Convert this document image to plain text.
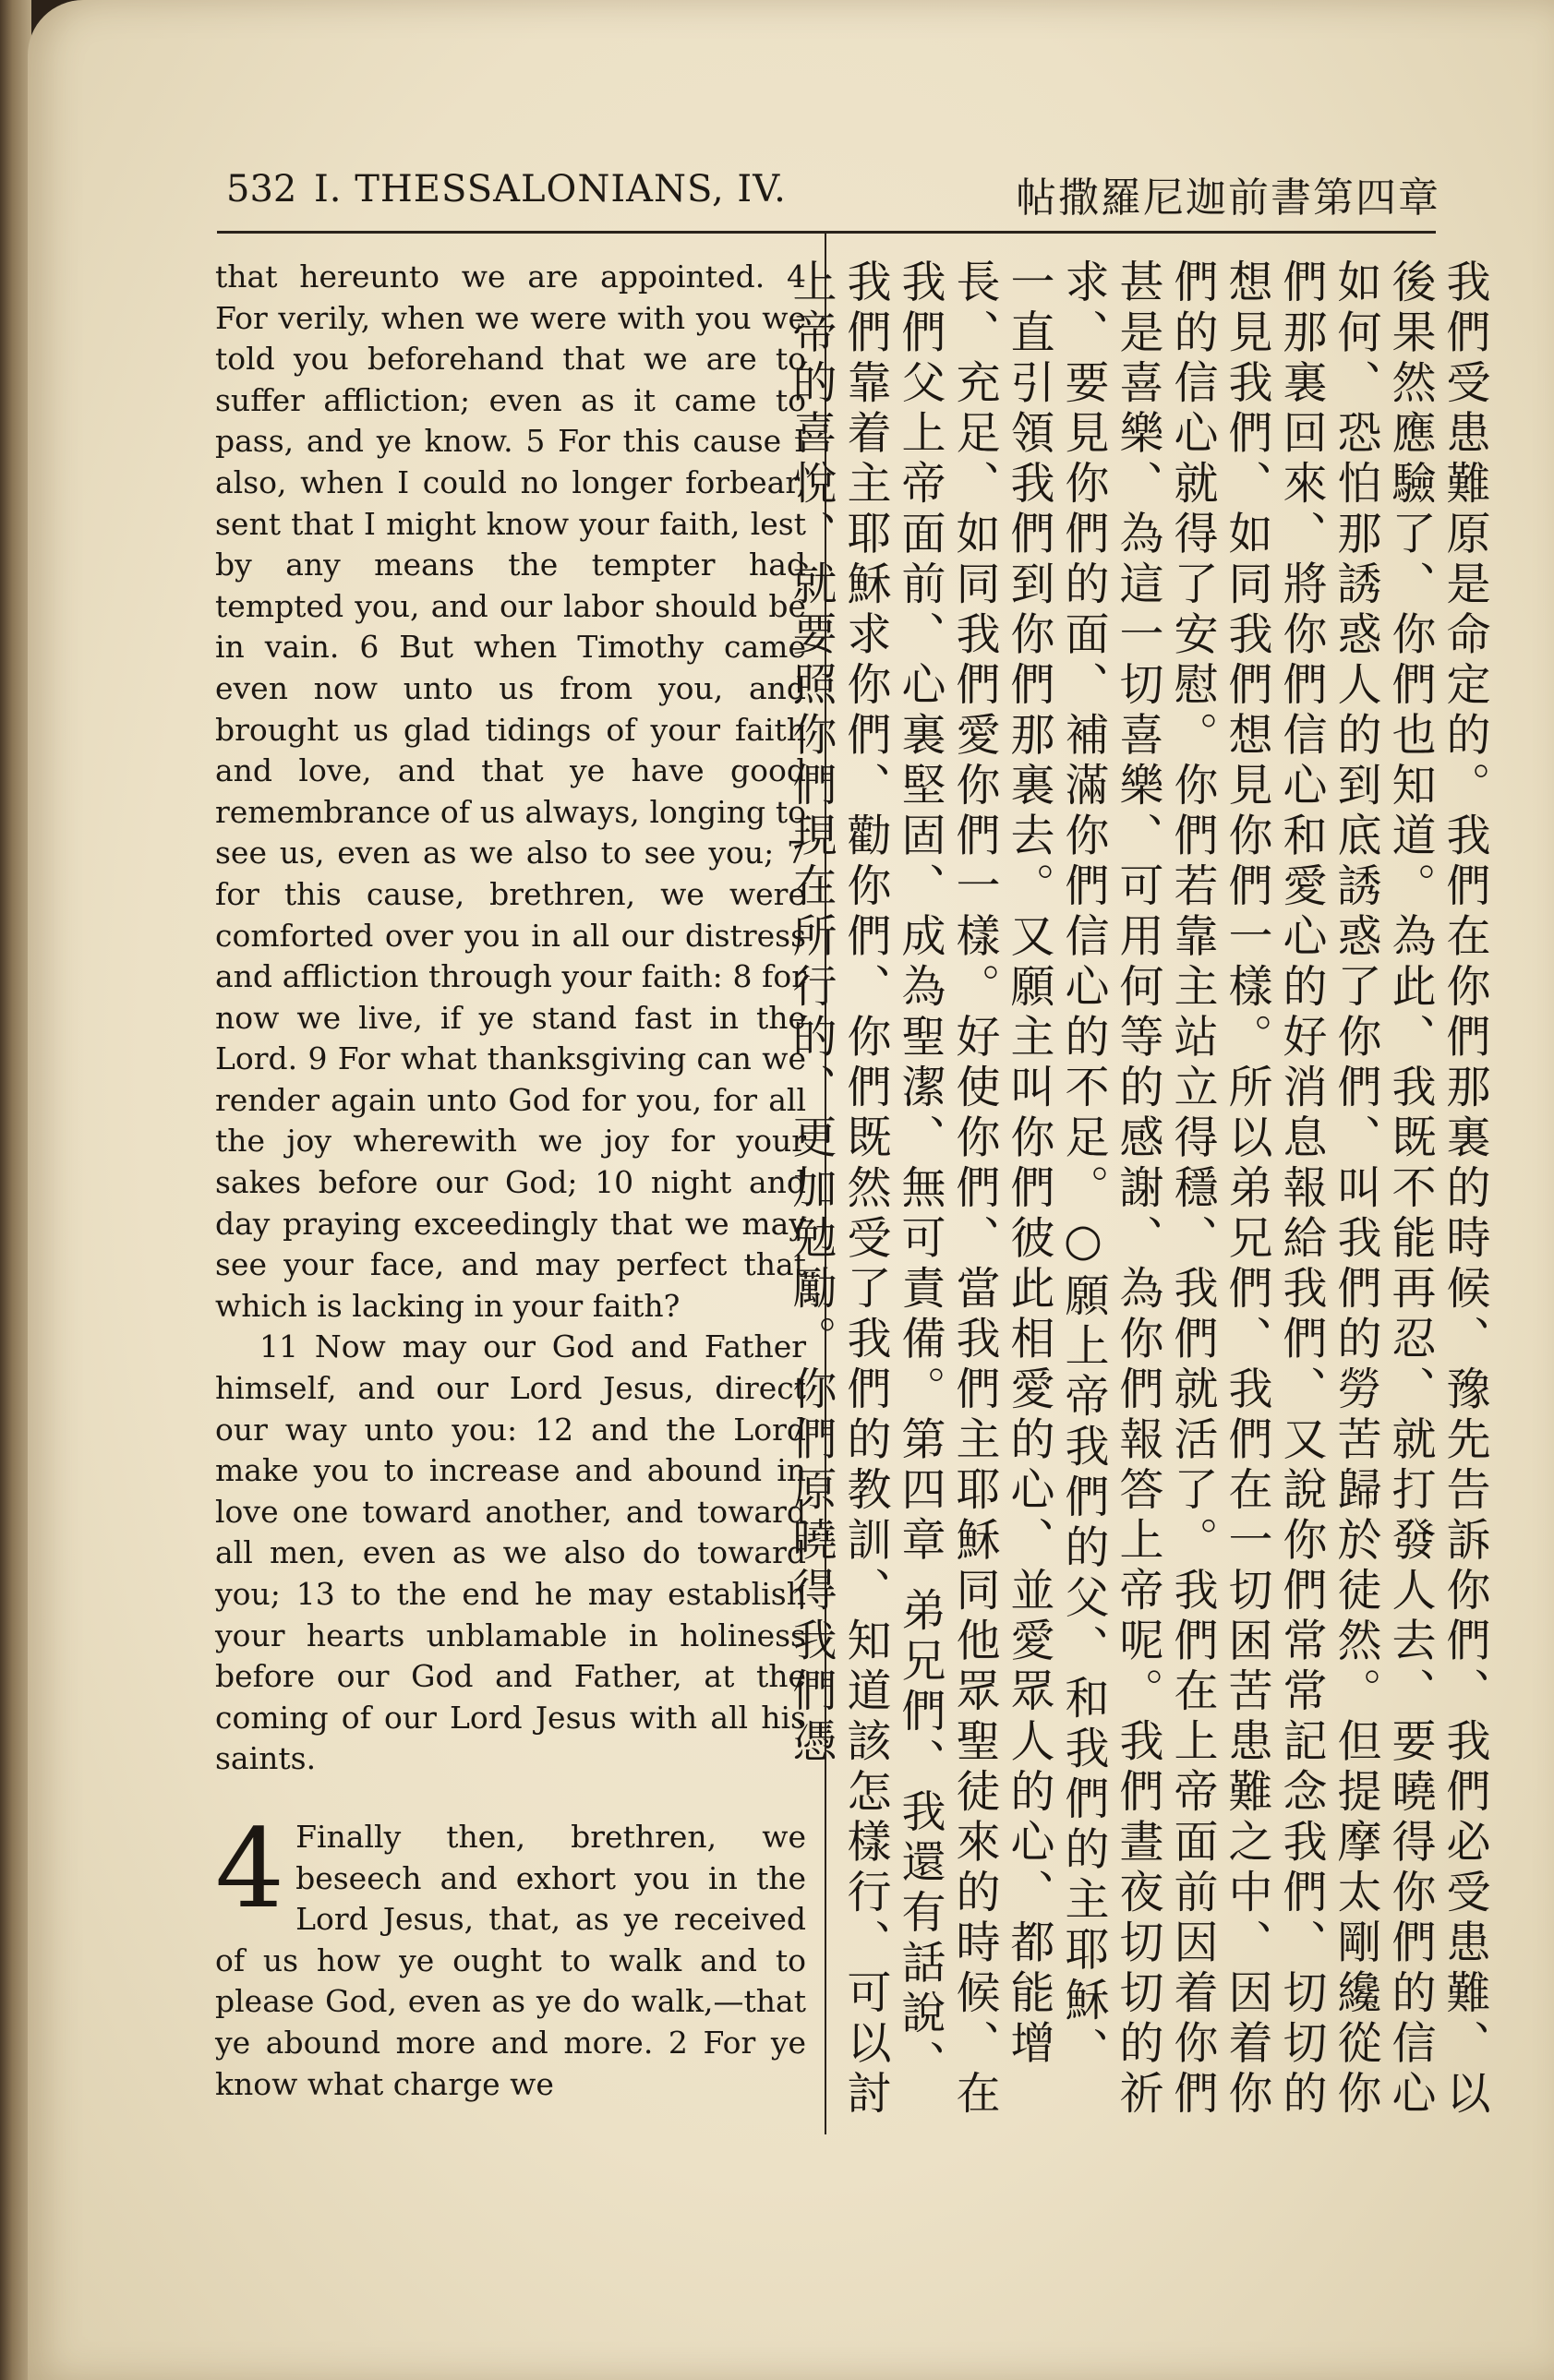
532 I. THESSALONIANS, IV.	帖撒羅尼迦前書第四章

that hereunto we are appointed. 4 For verily, when we were with you we told you beforehand that we are to suffer affliction; even as it came to pass, and ye know. 5 For this cause I also, when I could no longer forbear, sent that I might know your faith, lest by any means the tempter had tempted you, and our labor should be in vain. 6 But when Timothy came even now unto us from you, and brought us glad tidings of your faith and love, and that ye have good remembrance of us always, longing to see us, even as we also to see you; 7 for this cause, brethren, we were comforted over you in all our distress and affliction through your faith: 8 for now we live, if ye stand fast in the Lord. 9 For what thanksgiving can we render again unto God for you, for all the joy wherewith we joy for your sakes before our God; 10 night and day praying exceedingly that we may see your face, and may perfect that which is lacking in your faith?

11 Now may our God and Father himself, and our Lord Jesus, direct our way unto you: 12 and the Lord make you to increase and abound in love one toward another, and toward all men, even as we also do toward you; 13 to the end he may establish your hearts unblamable in holiness before our God and Father, at the coming of our Lord Jesus with all his saints.

4 Finally then, brethren, we beseech and exhort you in the Lord Jesus, that, as ye received of us how ye ought to walk and to please God, even as ye do walk,—that ye abound more and more. 2 For ye know what charge we	我們受患難原是命定的。我們在你們那裏的時候、豫先告訴你們、我們必受患難、以後果然應驗了、你們也知道。為此、我既不能再忍、就打發人去、要曉得你們的信心如何、恐怕那誘惑人的到底誘惑了你們、叫我們的勞苦歸於徒然。但提摩太剛纔從你們那裏回來、將你們信心和愛心的好消息報給我們、又說你們常常記念我們、切切的想見我們、如同我們想見你們一樣。所以弟兄們、我們在一切困苦患難之中、因着你們的信心就得了安慰。你們若靠主站立得穩、我們就活了。我們在上帝面前因着你們甚是喜樂、為這一切喜樂、可用何等的感謝、為你們報答上帝呢。我們晝夜切切的祈求、要見你們的面、補滿你們信心的不足。○願上帝我們的父、和我們的主耶穌、一直引領我們到你們那裏去。又願主叫你們彼此相愛的心、並愛眾人的心、都能增長、充足、如同我們愛你們一樣。好使你們、當我們主耶穌同他眾聖徒來的時候、在我們父上帝面前、心裏堅固、成為聖潔、無可責備。第四章 弟兄們、我還有話說、我們靠着主耶穌求你們、勸你們、你們既然受了我們的教訓、知道該怎樣行、可以討上帝的喜悅、就要照你們現在所行的、更加勉勵。你們原曉得我們憑
